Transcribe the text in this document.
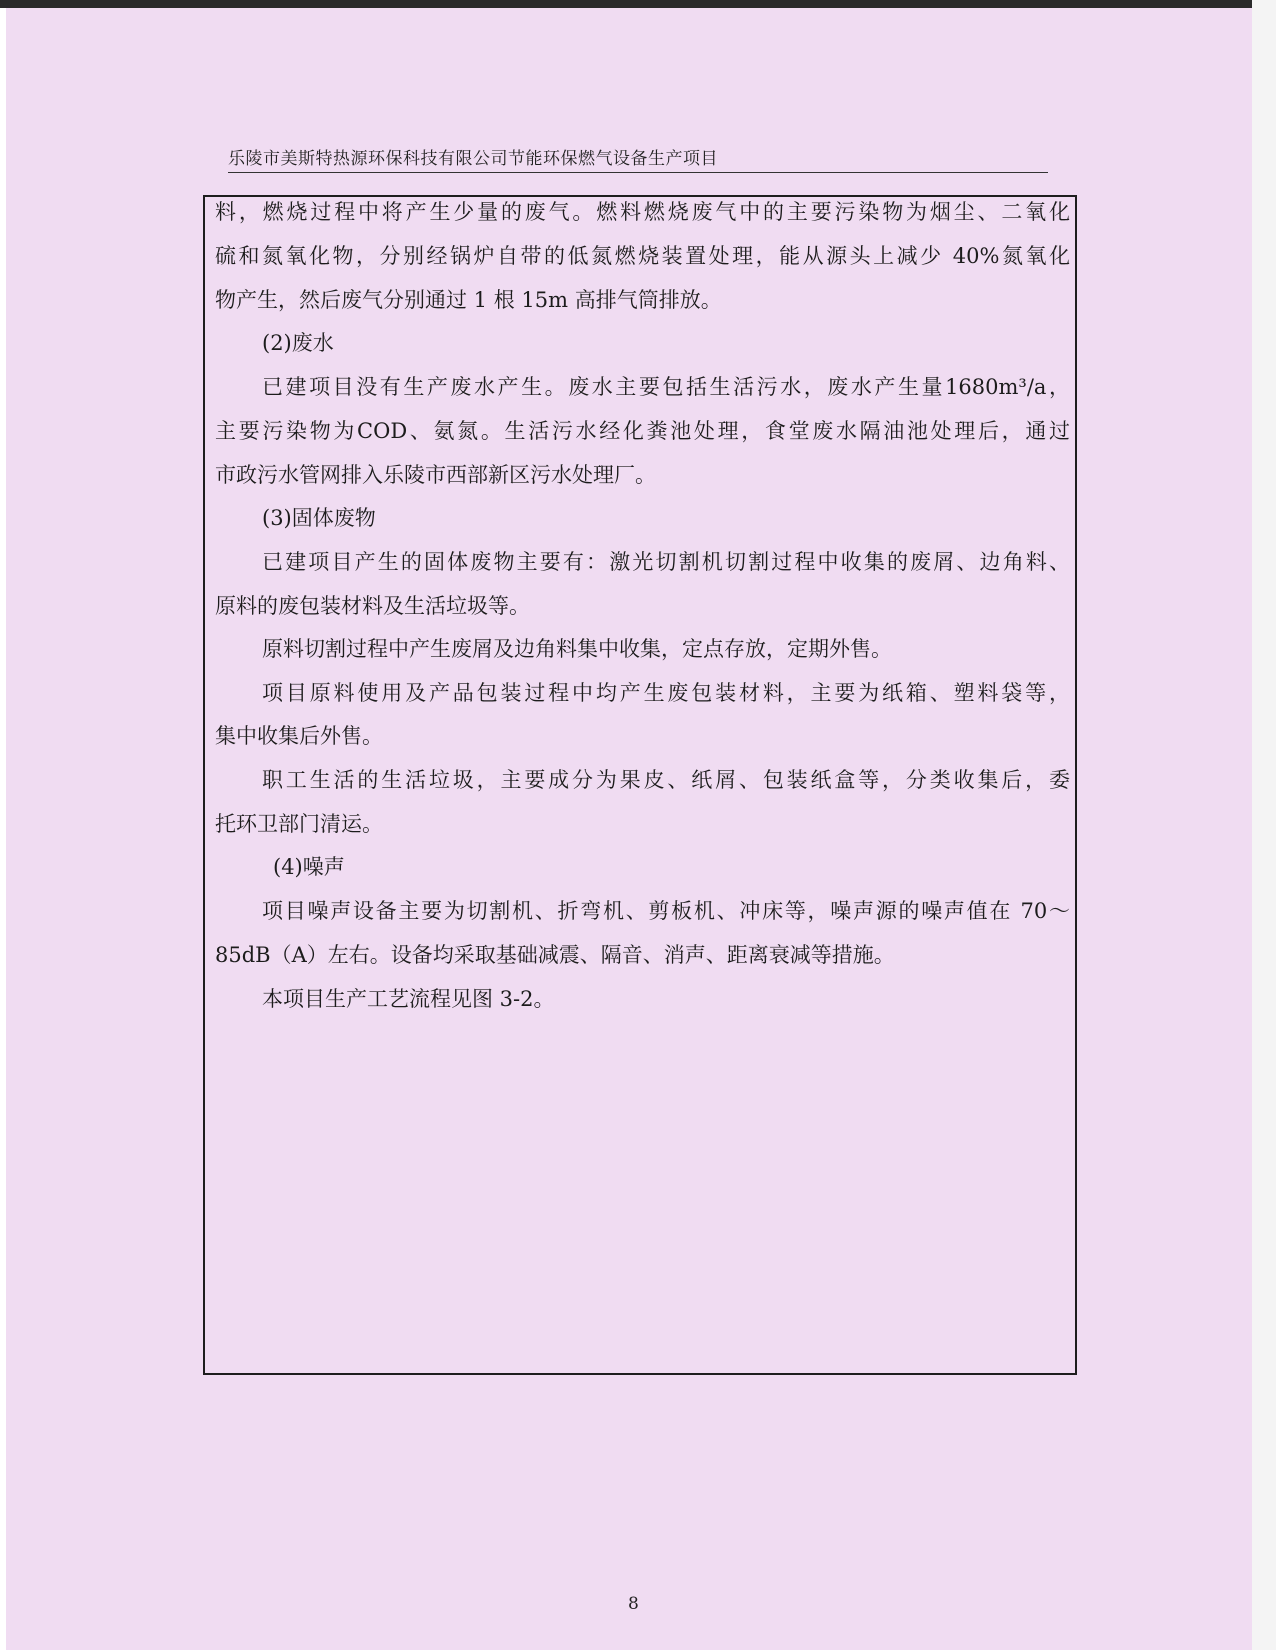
乐陵市美斯特热源环保科技有限公司节能环保燃气设备生产项目
料，燃烧过程中将产生少量的废气。燃料燃烧废气中的主要污染物为烟尘、二氧化
硫和氮氧化物，分别经锅炉自带的低氮燃烧装置处理，能从源头上减少 40%氮氧化
物产生，然后废气分别通过 1 根 15m 高排气筒排放。
(2)废水
已建项目没有生产废水产生。废水主要包括生活污水，废水产生量1680m³/a，
主要污染物为COD、氨氮。生活污水经化粪池处理，食堂废水隔油池处理后，通过
市政污水管网排入乐陵市西部新区污水处理厂。
(3)固体废物
已建项目产生的固体废物主要有：激光切割机切割过程中收集的废屑、边角料、
原料的废包装材料及生活垃圾等。
原料切割过程中产生废屑及边角料集中收集，定点存放，定期外售。
项目原料使用及产品包装过程中均产生废包装材料，主要为纸箱、塑料袋等，
集中收集后外售。
职工生活的生活垃圾，主要成分为果皮、纸屑、包装纸盒等，分类收集后，委
托环卫部门清运。
(4)噪声
项目噪声设备主要为切割机、折弯机、剪板机、冲床等，噪声源的噪声值在 70～
85dB（A）左右。设备均采取基础减震、隔音、消声、距离衰减等措施。
本项目生产工艺流程见图 3-2。
8
